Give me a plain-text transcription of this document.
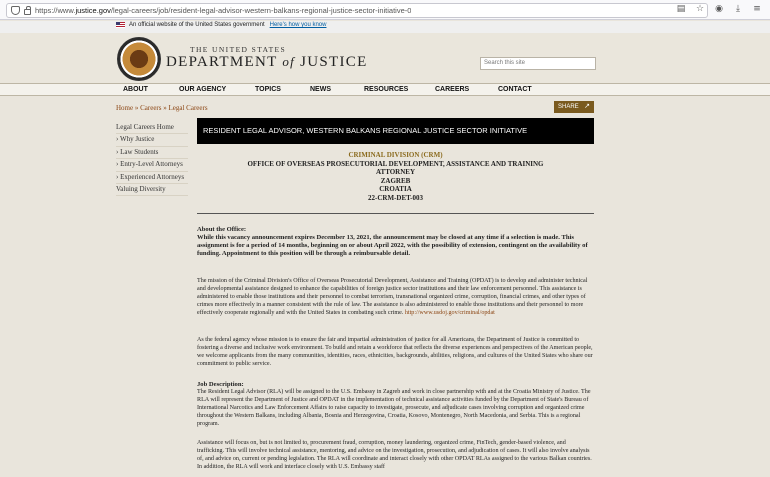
https://www.justice.gov/legal-careers/job/resident-legal-advisor-western-balkans-regional-justice-sector-initiative-0	▤ ☆ ◉	⤓	≡
An official website of the United States government Here's how you know
THE UNITED STATES
DEPARTMENT of JUSTICE	Search this site
ABOUT	OUR AGENCY	TOPICS	NEWS	RESOURCES	CAREERS	CONTACT
Home » Careers » Legal Careers	SHARE ↗
Legal Careers Home
› Why Justice
› Law Students
› Entry-Level Attorneys
› Experienced Attorneys
Valuing Diversity
RESIDENT LEGAL ADVISOR, WESTERN BALKANS REGIONAL JUSTICE SECTOR INITIATIVE
CRIMINAL DIVISION (CRM)
OFFICE OF OVERSEAS PROSECUTORIAL DEVELOPMENT, ASSISTANCE AND TRAINING
ATTORNEY
ZAGREB
CROATIA
22-CRM-DET-003
About the Office:
While this vacancy announcement expires December 13, 2021, the announcement may be closed at any time if a selection is made. This assignment is for a period of 14 months, beginning on or about April 2022, with the possibility of extension, contingent on the availability of funding. Appointment to this position will be through a reimbursable detail.
The mission of the Criminal Division's Office of Overseas Prosecutorial Development, Assistance and Training (OPDAT) is to develop and administer technical and developmental assistance designed to enhance the capabilities of foreign justice sector institutions and their law enforcement personnel. This assistance is administered to enable those institutions and their personnel to combat terrorism, transnational organized crime, corruption, financial crimes, and other types of crimes more effectively in a manner consistent with the rule of law. The assistance is also administered to enable those institutions and their personnel to more effectively cooperate regionally and with the United States in combating such crime. http://www.usdoj.gov/criminal/opdat
As the federal agency whose mission is to ensure the fair and impartial administration of justice for all Americans, the Department of Justice is committed to fostering a diverse and inclusive work environment. To build and retain a workforce that reflects the diverse experiences and perspectives of the American people, we welcome applicants from the many communities, identities, races, ethnicities, backgrounds, abilities, religions, and cultures of the United States who share our commitment to public service.
Job Description:
The Resident Legal Advisor (RLA) will be assigned to the U.S. Embassy in Zagreb and work in close partnership with and at the Croatia Ministry of Justice. The RLA will represent the Department of Justice and OPDAT in the implementation of technical assistance activities funded by the Department of State's Bureau of International Narcotics and Law Enforcement Affairs to raise capacity to investigate, prosecute, and adjudicate cases involving corruption and organized crime throughout the Western Balkans, including Albania, Bosnia and Herzegovina, Croatia, Kosovo, Montenegro, North Macedonia, and Serbia. This is a regional program.
Assistance will focus on, but is not limited to, procurement fraud, corruption, money laundering, organized crime, FinTech, gender-based violence, and trafficking. This will involve technical assistance, mentoring, and advice on the investigation, prosecution, and adjudication of cases. It will also involve analysis of, and advice on, current or pending legislation. The RLA will coordinate and interact closely with other OPDAT RLAs assigned to the various Balkan countries. In addition, the RLA will work and interface closely with U.S. Embassy staff
